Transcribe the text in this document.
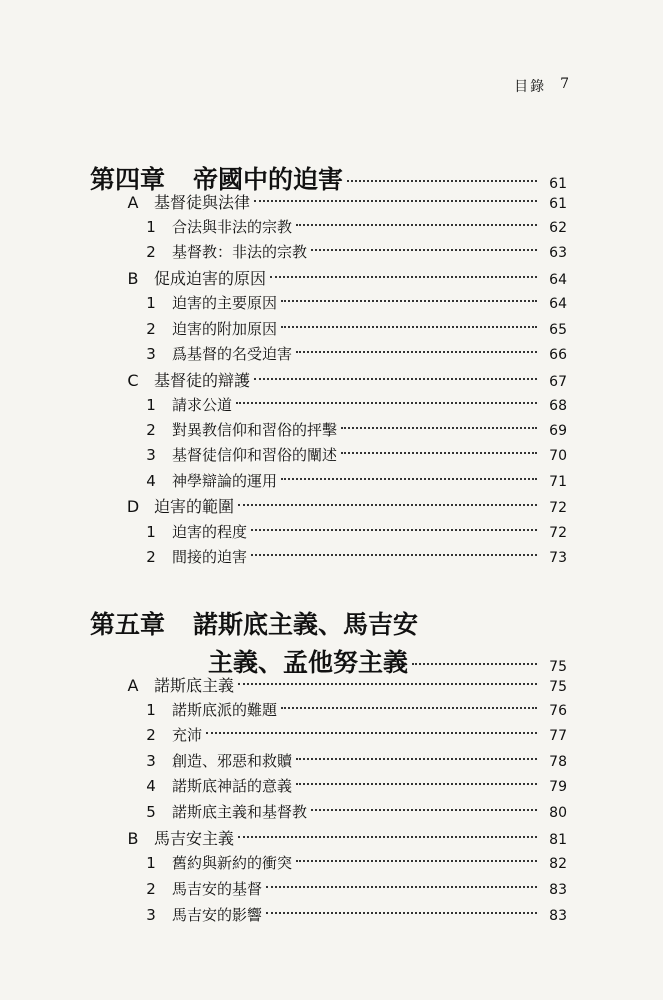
目錄 7
第四章 帝國中的迫害	61
A 基督徒與法律	61
1	合法與非法的宗教	62
2	基督教：非法的宗教	63
B 促成迫害的原因	64
1	迫害的主要原因	64
2	迫害的附加原因	65
3	爲基督的名受迫害	66
C 基督徒的辯護	67
1	請求公道	68
2	對異教信仰和習俗的抨擊	69
3	基督徒信仰和習俗的闡述	70
4	神學辯論的運用	71
D 迫害的範圍	72
1	迫害的程度	72
2	間接的迫害	73
第五章 諾斯底主義、馬吉安
主義、孟他努主義	75
A 諾斯底主義	75
1	諾斯底派的難題	76
2	充沛	77
3	創造、邪惡和救贖	78
4	諾斯底神話的意義	79
5	諾斯底主義和基督教	80
B 馬吉安主義	81
1	舊約與新約的衝突	82
2	馬吉安的基督	83
3	馬吉安的影響	83
